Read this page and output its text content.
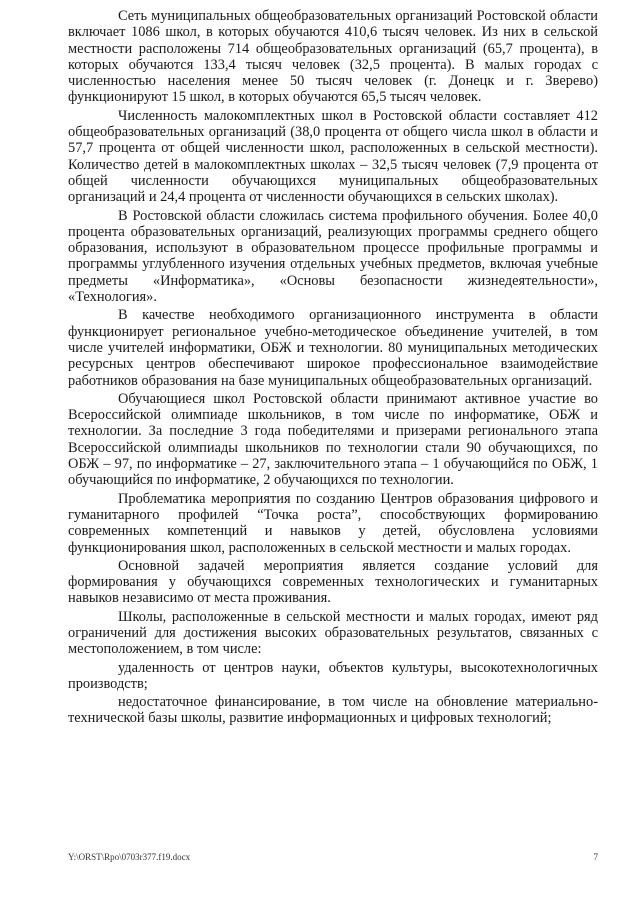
Сеть муниципальных общеобразовательных организаций Ростовской области включает 1086 школ, в которых обучаются 410,6 тысяч человек. Из них в сельской местности расположены 714 общеобразовательных организаций (65,7 процента), в которых обучаются 133,4 тысяч человек (32,5 процента). В малых городах с численностью населения менее 50 тысяч человек (г. Донецк и г. Зверево) функционируют 15 школ, в которых обучаются 65,5 тысяч человек.

Численность малокомплектных школ в Ростовской области составляет 412 общеобразовательных организаций (38,0 процента от общего числа школ в области и 57,7 процента от общей численности школ, расположенных в сельской местности). Количество детей в малокомплектных школах – 32,5 тысяч человек (7,9 процента от общей численности обучающихся муниципальных общеобразовательных организаций и 24,4 процента от численности обучающихся в сельских школах).

В Ростовской области сложилась система профильного обучения. Более 40,0 процента образовательных организаций, реализующих программы среднего общего образования, используют в образовательном процессе профильные программы и программы углубленного изучения отдельных учебных предметов, включая учебные предметы «Информатика», «Основы безопасности жизнедеятельности», «Технология».

В качестве необходимого организационного инструмента в области функционирует региональное учебно-методическое объединение учителей, в том числе учителей информатики, ОБЖ и технологии. 80 муниципальных методических ресурсных центров обеспечивают широкое профессиональное взаимодействие работников образования на базе муниципальных общеобразовательных организаций.

Обучающиеся школ Ростовской области принимают активное участие во Всероссийской олимпиаде школьников, в том числе по информатике, ОБЖ и технологии. За последние 3 года победителями и призерами регионального этапа Всероссийской олимпиады школьников по технологии стали 90 обучающихся, по ОБЖ – 97, по информатике – 27, заключительного этапа – 1 обучающийся по ОБЖ, 1 обучающийся по информатике, 2 обучающихся по технологии.

Проблематика мероприятия по созданию Центров образования цифрового и гуманитарного профилей “Точка роста”, способствующих формированию современных компетенций и навыков у детей, обусловлена условиями функционирования школ, расположенных в сельской местности и малых городах.

Основной задачей мероприятия является создание условий для формирования у обучающихся современных технологических и гуманитарных навыков независимо от места проживания.

Школы, расположенные в сельской местности и малых городах, имеют ряд ограничений для достижения высоких образовательных результатов, связанных с местоположением, в том числе:

удаленность от центров науки, объектов культуры, высокотехнологичных производств;

недостаточное финансирование, в том числе на обновление материально-технической базы школы, развитие информационных и цифровых технологий;

Y:\ORST\Rpo\0703r377.f19.docx	7
